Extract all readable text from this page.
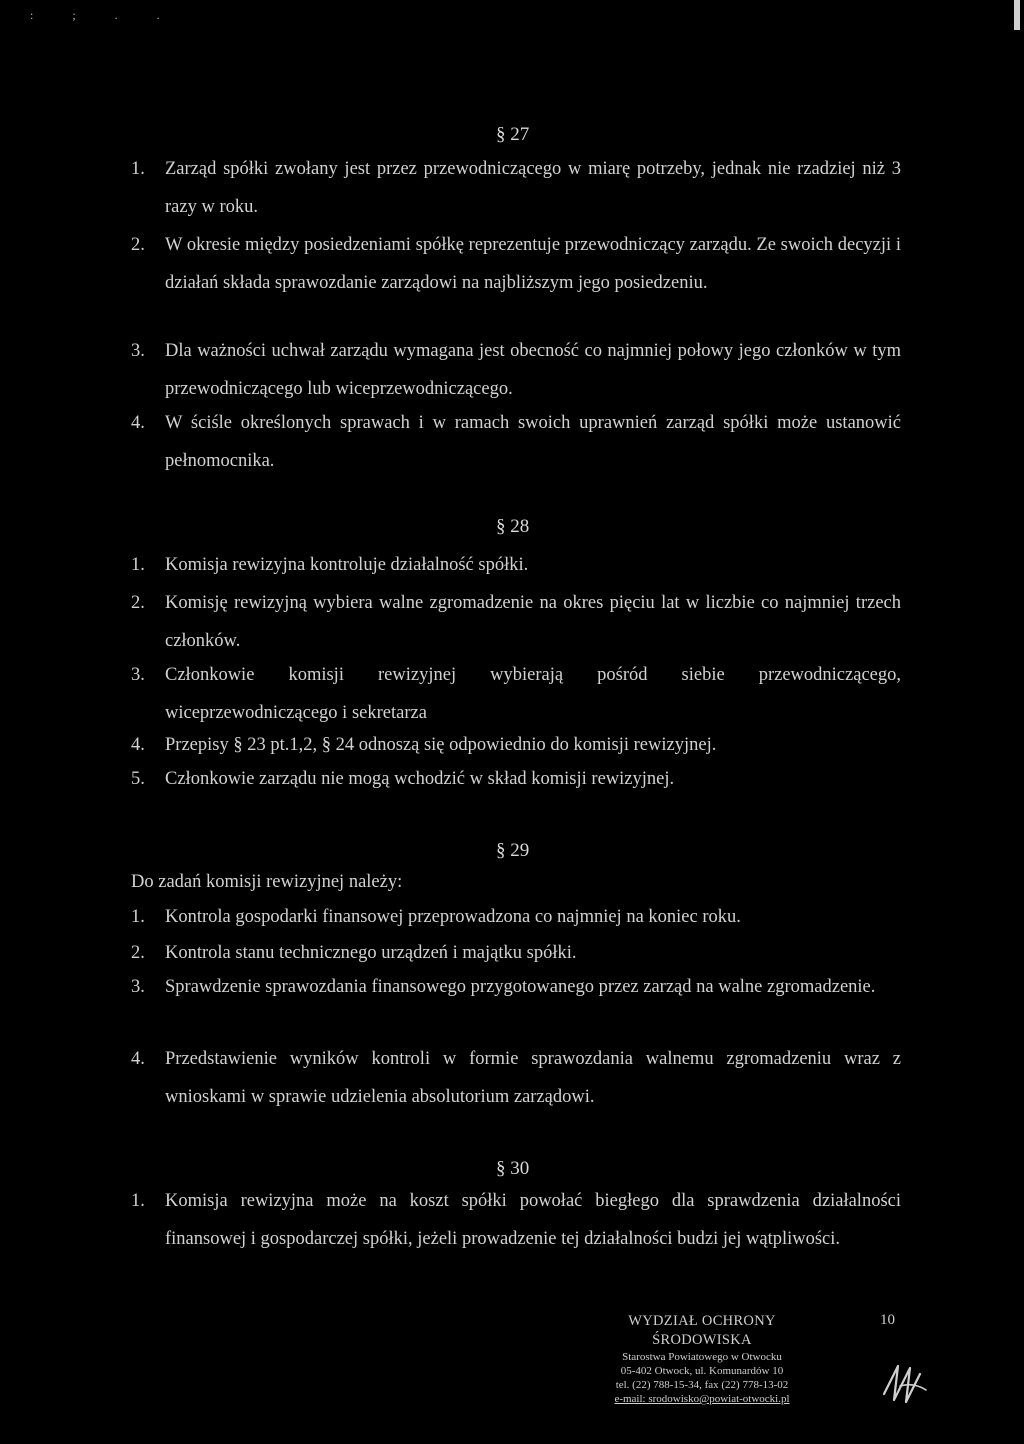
: ; . .
§ 27
1.	Zarząd spółki zwołany jest przez przewodniczącego w miarę potrzeby, jednak nie rzadziej niż 3 razy w roku.
2.	W okresie między posiedzeniami spółkę reprezentuje przewodniczący zarządu. Ze swoich decyzji i działań składa sprawozdanie zarządowi na najbliższym jego posiedzeniu.
3.	Dla ważności uchwał zarządu wymagana jest obecność co najmniej połowy jego członków w tym przewodniczącego lub wiceprzewodniczącego.
4.	W ściśle określonych sprawach i w ramach swoich uprawnień zarząd spółki może ustanowić pełnomocnika.
§ 28
1.	Komisja rewizyjna kontroluje działalność spółki.
2.	Komisję rewizyjną wybiera walne zgromadzenie na okres pięciu lat w liczbie co najmniej trzech członków.
3.	Członkowie komisji rewizyjnej wybierają pośród siebie przewodniczącego, wiceprzewodniczącego i sekretarza
4.	Przepisy § 23 pt.1,2, § 24 odnoszą się odpowiednio do komisji rewizyjnej.
5.	Członkowie zarządu nie mogą wchodzić w skład komisji rewizyjnej.
§ 29
Do zadań komisji rewizyjnej należy:
1.	Kontrola gospodarki finansowej przeprowadzona co najmniej na koniec roku.
2.	Kontrola stanu technicznego urządzeń i majątku spółki.
3.	Sprawdzenie sprawozdania finansowego przygotowanego przez zarząd na walne zgromadzenie.
4.	Przedstawienie wyników kontroli w formie sprawozdania walnemu zgromadzeniu wraz z wnioskami w sprawie udzielenia absolutorium zarządowi.
§ 30
1.	Komisja rewizyjna może na koszt spółki powołać biegłego dla sprawdzenia działalności finansowej i gospodarczej spółki, jeżeli prowadzenie tej działalności budzi jej wątpliwości.
10
WYDZIAŁ OCHRONY
ŚRODOWISKA
Starostwa Powiatowego w Otwocku
05-402 Otwock, ul. Komunardów 10
tel. (22) 788-15-34, fax (22) 778-13-02
e-mail: srodowisko@powiat-otwocki.pl
